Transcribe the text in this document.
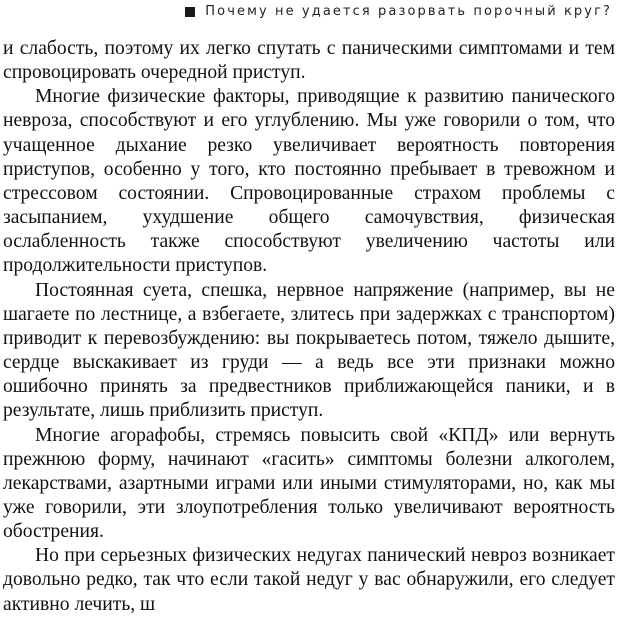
Почему не удается разорвать порочный круг?

и слабость, поэтому их легко спутать с паническими симптомами и тем спровоцировать очередной приступ.

Многие физические факторы, приводящие к развитию панического невроза, способствуют и его углублению. Мы уже говорили о том, что учащенное дыхание резко увеличивает вероятность повторения приступов, особенно у того, кто постоянно пребывает в тревожном и стрессовом состоянии. Спровоцированные страхом проблемы с засыпанием, ухудшение общего самочувствия, физическая ослабленность также способствуют увеличению частоты или продолжительности приступов.

Постоянная суета, спешка, нервное напряжение (например, вы не шагаете по лестнице, а взбегаете, злитесь при задержках с транспортом) приводит к перевозбуждению: вы покрываетесь потом, тяжело дышите, сердце выскакивает из груди — а ведь все эти признаки можно ошибочно принять за предвестников приближающейся паники, и в результате, лишь приблизить приступ.

Многие агорафобы, стремясь повысить свой «КПД» или вернуть прежнюю форму, начинают «гасить» симптомы болезни алкоголем, лекарствами, азартными играми или иными стимуляторами, но, как мы уже говорили, эти злоупотребления только увеличивают вероятность обострения.

Но при серьезных физических недугах панический невроз возникает довольно редко, так что если такой недуг у вас обнаружили, его следует активно лечить, ш
